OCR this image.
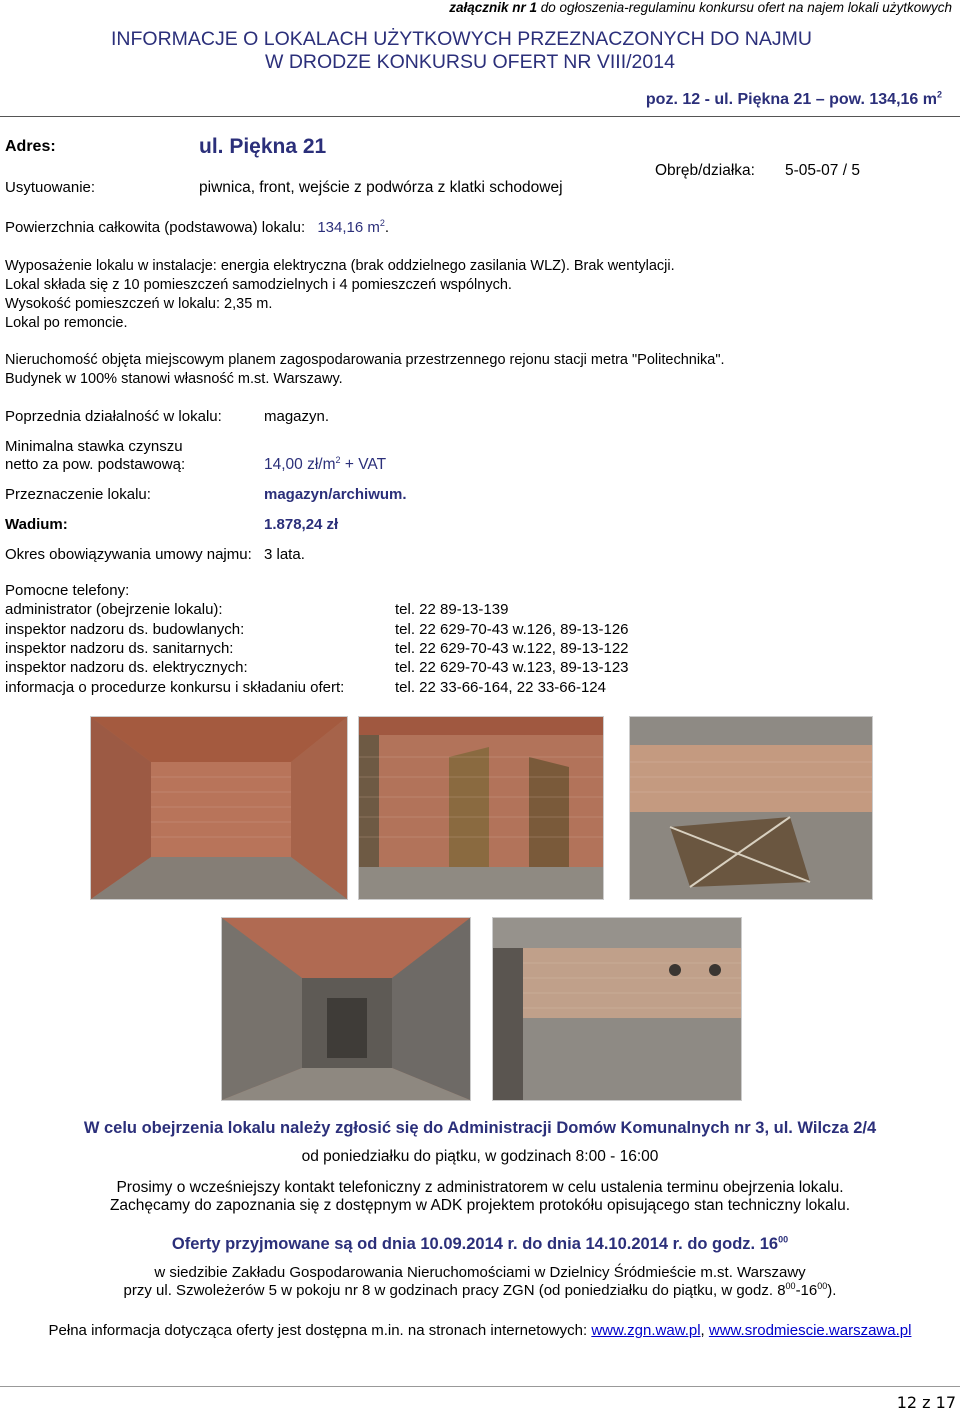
załącznik nr 1 do ogłoszenia-regulaminu konkursu ofert na najem lokali użytkowych
INFORMACJE O LOKALACH UŻYTKOWYCH PRZEZNACZONYCH DO NAJMU
W DRODZE KONKURSU OFERT NR VIII/2014
poz. 12 - ul. Piękna 21 – pow. 134,16 $m^2$
Adres:	ul. Piękna 21
Usytuowanie:	piwnica, front, wejście z podwórza z klatki schodowej
Obręb/działka: 5-05-07 / 5
Powierzchnia całkowita (podstawowa) lokalu: 134,16 $m^2$.
Wyposażenie lokalu w instalacje: energia elektryczna (brak oddzielnego zasilania WLZ). Brak wentylacji.
Lokal składa się z 10 pomieszczeń samodzielnych i 4 pomieszczeń wspólnych.
Wysokość pomieszczeń w lokalu: 2,35 m.
Lokal po remoncie.
Nieruchomość objęta miejscowym planem zagospodarowania przestrzennego rejonu stacji metra "Politechnika".
Budynek w 100% stanowi własność m.st. Warszawy.
Poprzednia działalność w lokalu:	magazyn.
Minimalna stawka czynszu
netto za pow. podstawową:	14,00 $zł/m^2$ + VAT
Przeznaczenie lokalu:	magazyn/archiwum.
Wadium:	1.878,24 zł
Okres obowiązywania umowy najmu: 3 lata.
Pomocne telefony:
administrator (obejrzenie lokalu):	tel. 22 89-13-139
inspektor nadzoru ds. budowlanych:	tel. 22 629-70-43 w.126, 89-13-126
inspektor nadzoru ds. sanitarnych:	tel. 22 629-70-43 w.122, 89-13-122
inspektor nadzoru ds. elektrycznych:	tel. 22 629-70-43 w.123, 89-13-123
informacja o procedurze konkursu i składaniu ofert:	tel. 22 33-66-164, 22 33-66-124
W celu obejrzenia lokalu należy zgłosić się do Administracji Domów Komunalnych nr 3, ul. Wilcza 2/4
od poniedziałku do piątku, w godzinach 8:00 - 16:00
Prosimy o wcześniejszy kontakt telefoniczny z administratorem w celu ustalenia terminu obejrzenia lokalu.
Zachęcamy do zapoznania się z dostępnym w ADK projektem protokółu opisującego stan techniczny lokalu.
Oferty przyjmowane są od dnia 10.09.2014 r. do dnia 14.10.2014 r. do godz. $16^{00}$
w siedzibie Zakładu Gospodarowania Nieruchomościami w Dzielnicy Śródmieście m.st. Warszawy
przy ul. Szwoleżerów 5 w pokoju nr 8 w godzinach pracy ZGN (od poniedziałku do piątku, w godz. $8^{00}-16^{00}$).
Pełna informacja dotycząca oferty jest dostępna m.in. na stronach internetowych: www.zgn.waw.pl, www.srodmiescie.warszawa.pl
12 z 17
